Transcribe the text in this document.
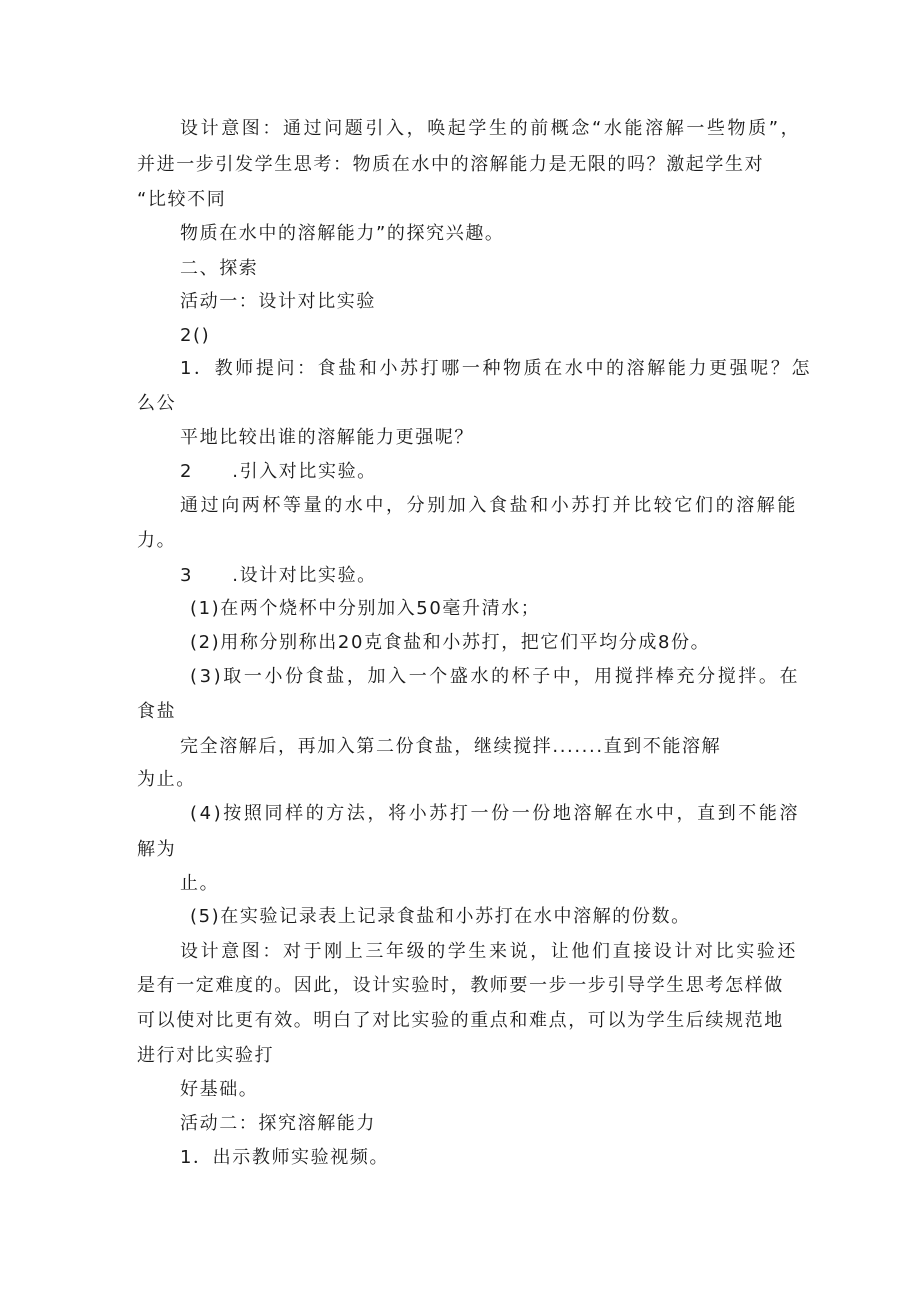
设计意图：通过问题引入，唤起学生的前概念“水能溶解一些物质”，
并进一步引发学生思考：物质在水中的溶解能力是无限的吗？激起学生对
“比较不同
物质在水中的溶解能力”的探究兴趣。
二、探索
活动一：设计对比实验
2()
1．教师提问：食盐和小苏打哪一种物质在水中的溶解能力更强呢？怎
么公
平地比较出谁的溶解能力更强呢？
2　　.引入对比实验。
通过向两杯等量的水中，分别加入食盐和小苏打并比较它们的溶解能
力。
3　　.设计对比实验。
(1)在两个烧杯中分别加入50毫升清水；
(2)用称分别称出20克食盐和小苏打，把它们平均分成8份。
(3)取一小份食盐，加入一个盛水的杯子中，用搅拌棒充分搅拌。在
食盐
完全溶解后，再加入第二份食盐，继续搅拌.......直到不能溶解
为止。
(4)按照同样的方法，将小苏打一份一份地溶解在水中，直到不能溶
解为
止。
(5)在实验记录表上记录食盐和小苏打在水中溶解的份数。
设计意图：对于刚上三年级的学生来说，让他们直接设计对比实验还
是有一定难度的。因此，设计实验时，教师要一步一步引导学生思考怎样做
可以使对比更有效。明白了对比实验的重点和难点，可以为学生后续规范地
进行对比实验打
好基础。
活动二：探究溶解能力
1．出示教师实验视频。
